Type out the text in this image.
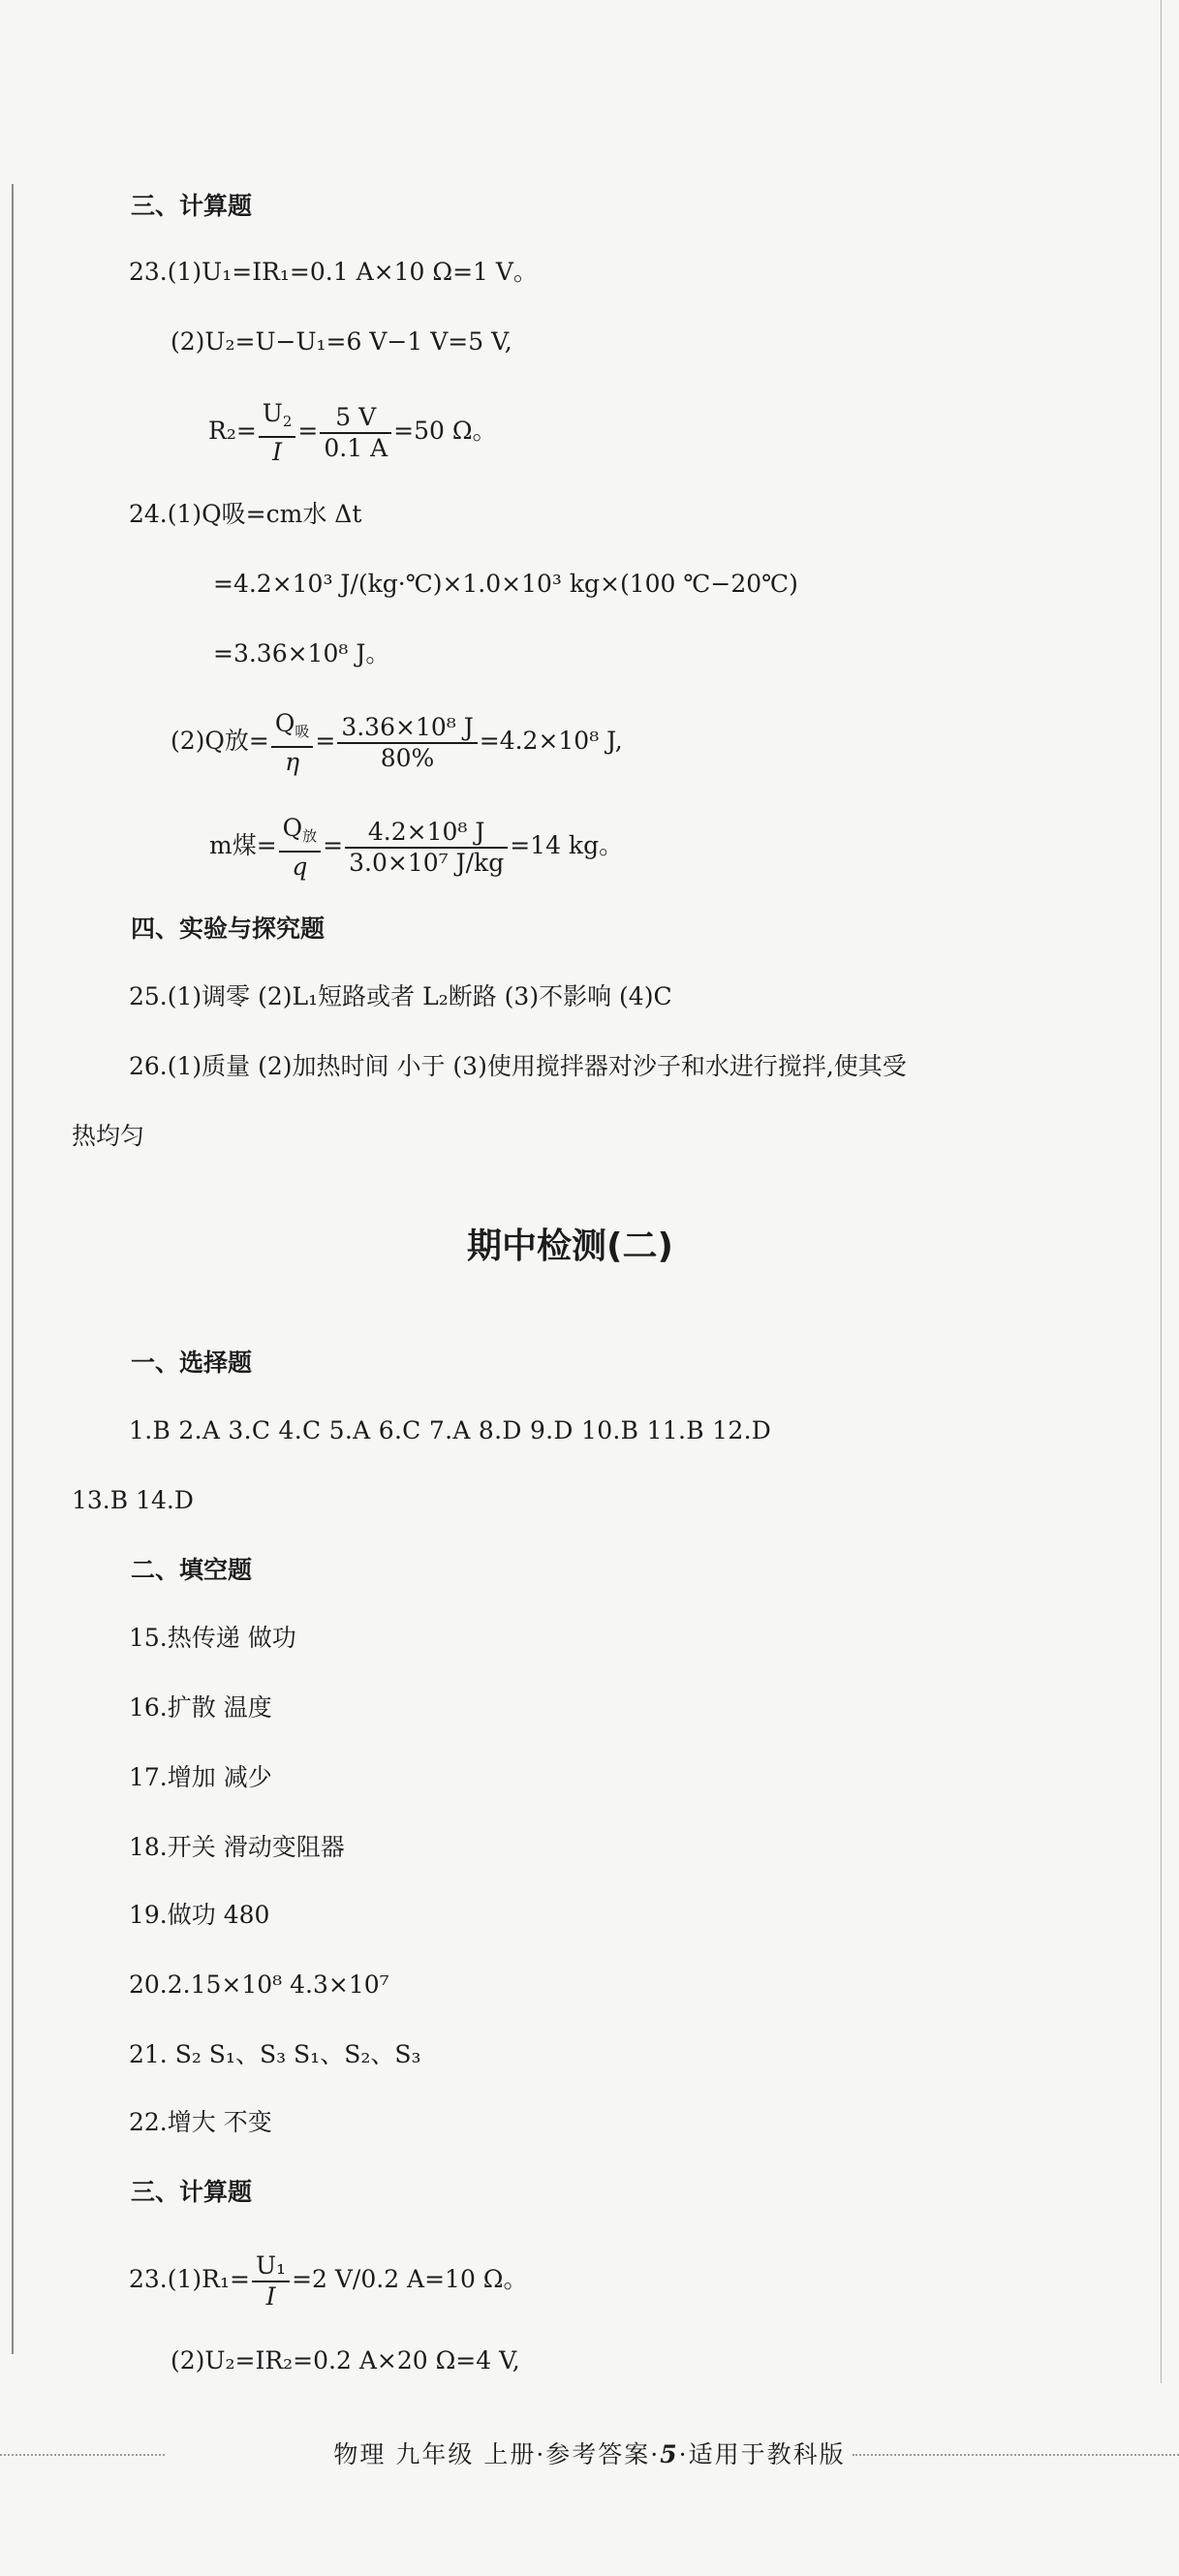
三、计算题
23.(1)U₁=IR₁=0.1 A×10 Ω=1 V。
(2)U₂=U−U₁=6 V−1 V=5 V,
$R_2= \frac{U_2}{I} = \frac{5 V}{0.1 A} =50$ Ω。
24.(1)Q吸=cm水 Δt
=4.2×10³ J/(kg·℃)×1.0×10³ kg×(100 ℃−20℃)
=3.36×10⁸ J。
(2)Q放= $\frac{Q_吸}{\eta} = \frac{\text{3.36×10⁸ J}}{80\%} =4.2\times 10^8$ J,
m煤= $\frac{Q_放}{q} = \frac{\text{4.2×10⁸ J}}{\text{3.0×10⁷ J/kg}} =14$ kg。
四、实验与探究题
25.(1)调零 (2)L₁短路或者 L₂断路 (3)不影响 (4)C
26.(1)质量 (2)加热时间 小于 (3)使用搅拌器对沙子和水进行搅拌,使其受
热均匀
期中检测(二)
一、选择题
1.B 2.A 3.C 4.C 5.A 6.C 7.A 8.D 9.D 10.B 11.B 12.D
13.B 14.D
二、填空题
15.热传递 做功
16.扩散 温度
17.增加 减少
18.开关 滑动变阻器
19.做功 480
20.2.15×10⁸ 4.3×10⁷
21. S₂ S₁、S₃ S₁、S₂、S₃
22.增大 不变
三、计算题
$23.(1)R_1= \frac{\text{U₁}}{I} =2$ V/0.2 A=10 Ω。
(2)U₂=IR₂=0.2 A×20 Ω=4 V,
物理 九年级 上册·参考答案·5·适用于教科版
